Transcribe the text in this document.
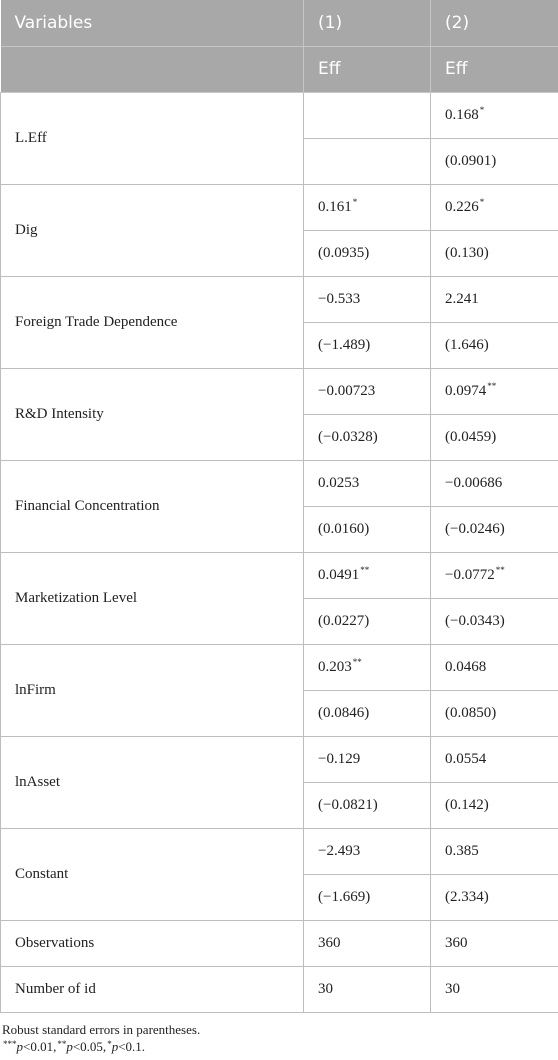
Variables	(1)	(2)
	Eff	Eff
L.Eff		0.168*
		(0.0901)
Dig	0.161*	0.226*
	(0.0935)	(0.130)
Foreign Trade Dependence	−0.533	2.241
	(−1.489)	(1.646)
R&D Intensity	−0.00723	0.0974**
	(−0.0328)	(0.0459)
Financial Concentration	0.0253	−0.00686
	(0.0160)	(−0.0246)
Marketization Level	0.0491**	−0.0772**
	(0.0227)	(−0.0343)
lnFirm	0.203**	0.0468
	(0.0846)	(0.0850)
lnAsset	−0.129	0.0554
	(−0.0821)	(0.142)
Constant	−2.493	0.385
	(−1.669)	(2.334)
Observations	360	360
Number of id	30	30
Robust standard errors in parentheses.
***p<0.01,**p<0.05,*p<0.1.
